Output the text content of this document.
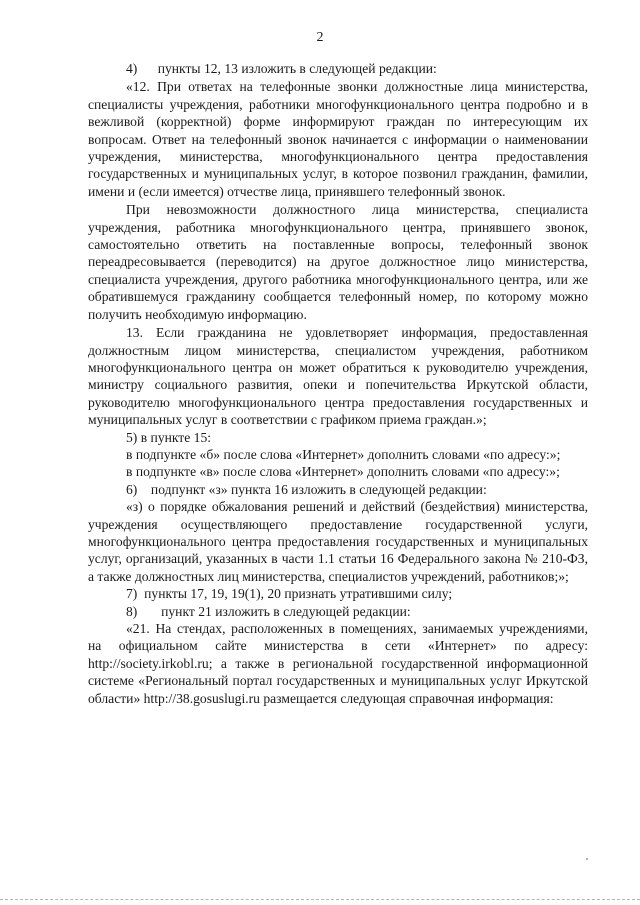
2

4)      пункты 12, 13 изложить в следующей редакции:

«12. При ответах на телефонные звонки должностные лица министерства, специалисты учреждения, работники многофункционального центра подробно и в вежливой (корректной) форме информируют граждан по интересующим их вопросам. Ответ на телефонный звонок начинается с информации о наименовании учреждения, министерства, многофункционального центра предоставления государственных и муниципальных услуг, в которое позвонил гражданин, фамилии, имени и (если имеется) отчестве лица, принявшего телефонный звонок.

При невозможности должностного лица министерства, специалиста учреждения, работника многофункционального центра, принявшего звонок, самостоятельно ответить на поставленные вопросы, телефонный звонок переадресовывается (переводится) на другое должностное лицо министерства, специалиста учреждения, другого работника многофункционального центра, или же обратившемуся гражданину сообщается телефонный номер, по которому можно получить необходимую информацию.

13. Если гражданина не удовлетворяет информация, предоставленная должностным лицом министерства, специалистом учреждения, работником многофункционального центра он может обратиться к руководителю учреждения, министру социального развития, опеки и попечительства Иркутской области, руководителю многофункционального центра предоставления государственных и муниципальных услуг в соответствии с графиком приема граждан.»;

5) в пункте 15:

в подпункте «б» после слова «Интернет» дополнить словами «по адресу:»;

в подпункте «в» после слова «Интернет» дополнить словами «по адресу:»;

6)    подпункт «з» пункта 16 изложить в следующей редакции:

«з) о порядке обжалования решений и действий (бездействия) министерства, учреждения осуществляющего предоставление государственной услуги, многофункционального центра предоставления государственных и муниципальных услуг, организаций, указанных в части 1.1 статьи 16 Федерального закона № 210-ФЗ, а также должностных лиц министерства, специалистов учреждений, работников;»;

7)  пункты 17, 19, 19(1), 20 признать утратившими силу;

8)       пункт 21 изложить в следующей редакции:

«21. На стендах, расположенных в помещениях, занимаемых учреждениями, на официальном сайте министерства в сети «Интернет» по адресу: http://society.irkobl.ru; а также в региональной государственной информационной системе «Региональный портал государственных и муниципальных услуг Иркутской области» http://38.gosuslugi.ru размещается следующая справочная информация:
